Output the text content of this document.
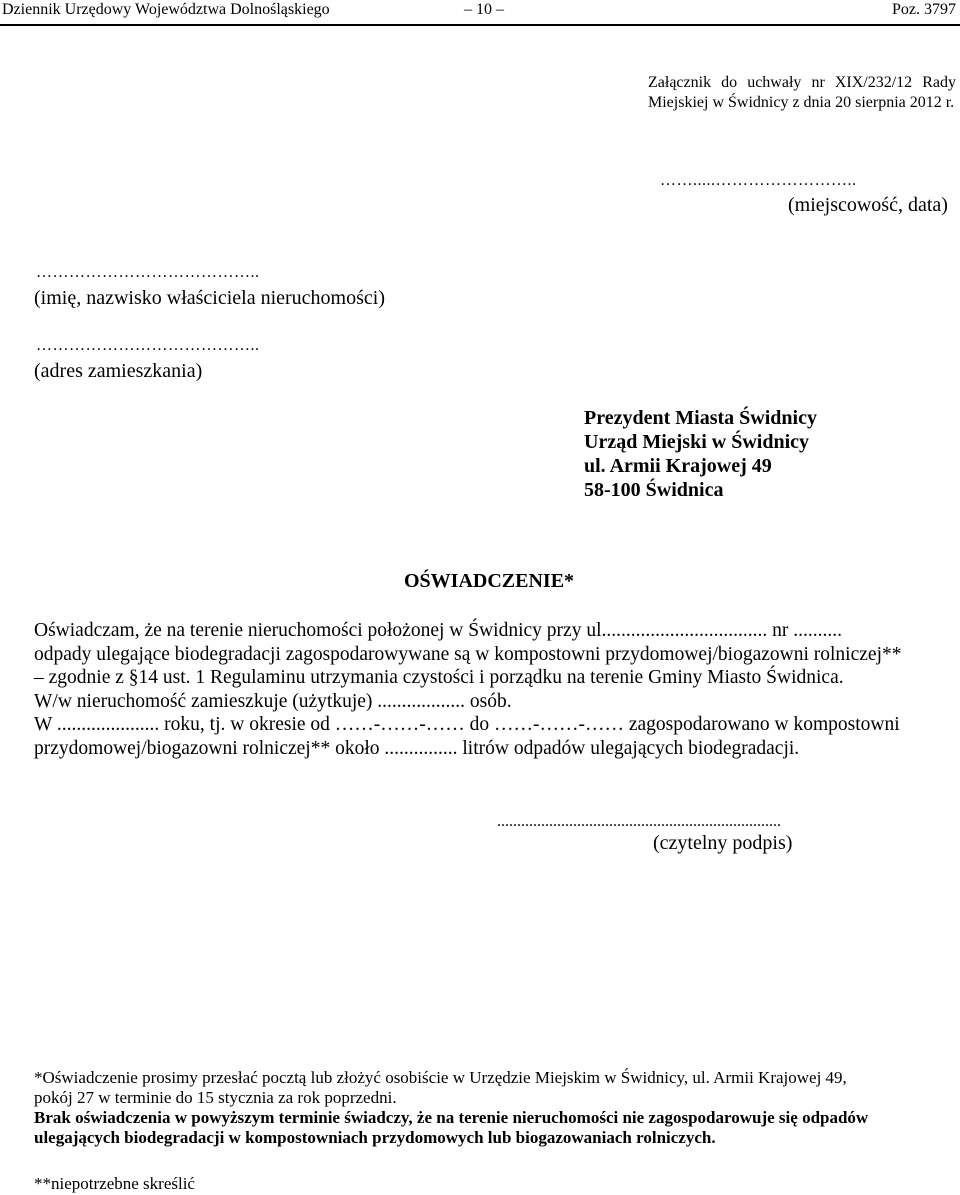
Dziennik Urzędowy Województwa Dolnośląskiego	– 10 –	Poz. 3797
Załącznik do uchwały nr XIX/232/12 Rady Miejskiej w Świdnicy z dnia 20 sierpnia 2012 r.
…….....……………………..
(miejscowość, data)
…………………………………..
(imię, nazwisko właściciela nieruchomości)
…………………………………..
(adres zamieszkania)
Prezydent Miasta Świdnicy
Urząd Miejski w Świdnicy
ul. Armii Krajowej 49
58-100 Świdnica
OŚWIADCZENIE*
Oświadczam, że na terenie nieruchomości położonej w Świdnicy przy ul.................................. nr ..........
odpady ulegające biodegradacji zagospodarowywane są w kompostowni przydomowej/biogazowni rolniczej**
– zgodnie z §14 ust. 1 Regulaminu utrzymania czystości i porządku na terenie Gminy Miasto Świdnica.
W/w nieruchomość zamieszkuje (użytkuje) .................. osób.
W ..................... roku, tj. w okresie od ……-……-…… do ……-……-…… zagospodarowano w kompostowni
przydomowej/biogazowni rolniczej** około ............... litrów odpadów ulegających biodegradacji.
.......................................................................
(czytelny podpis)
*Oświadczenie prosimy przesłać pocztą lub złożyć osobiście w Urzędzie Miejskim w Świdnicy, ul. Armii Krajowej 49,
pokój 27 w terminie do 15 stycznia za rok poprzedni.
Brak oświadczenia w powyższym terminie świadczy, że na terenie nieruchomości nie zagospodarowuje się odpadów
ulegających biodegradacji w kompostowniach przydomowych lub biogazowaniach rolniczych.
**niepotrzebne skreślić
